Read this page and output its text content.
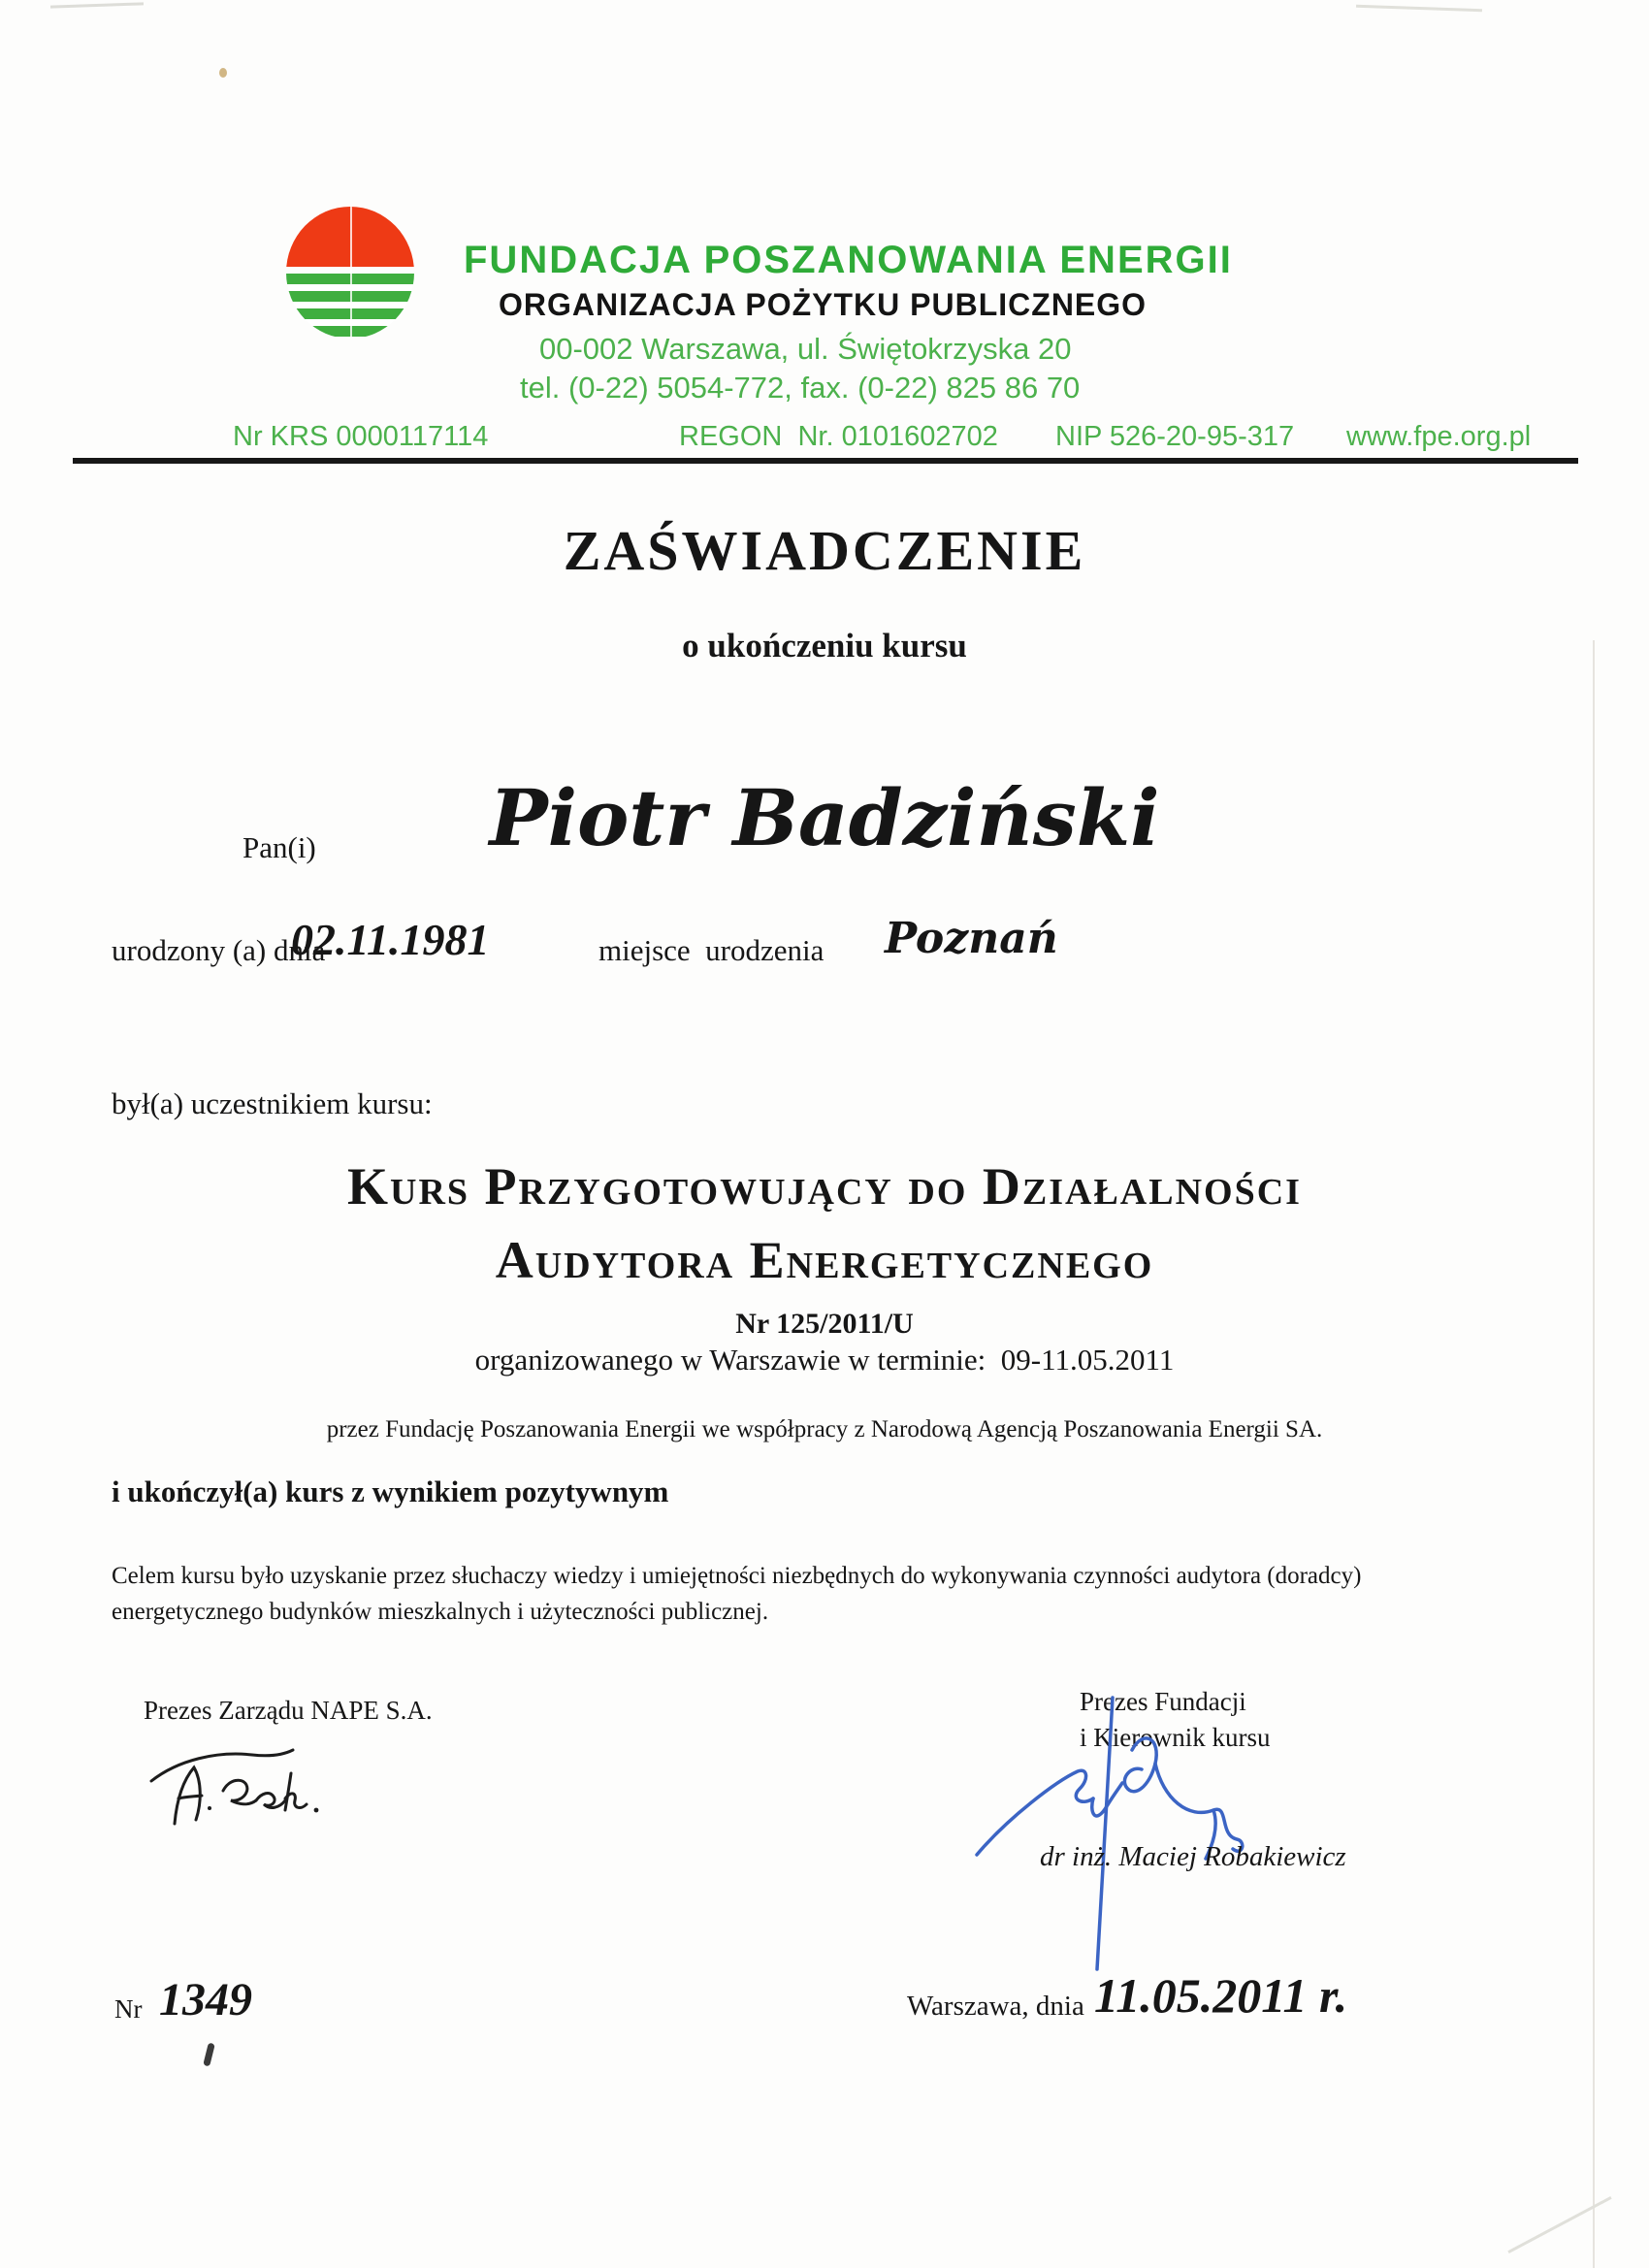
FUNDACJA POSZANOWANIA ENERGII
ORGANIZACJA POŻYTKU PUBLICZNEGO
00-002 Warszawa, ul. Świętokrzyska 20
tel. (0-22) 5054-772, fax. (0-22) 825 86 70
Nr KRS 0000117114	REGON  Nr. 0101602702 NIP 526-20-95-317 www.fpe.org.pl
ZAŚWIADCZENIE
o ukończeniu kursu
Pan(i)	Piotr Badziński
urodzony (a) dnia
02.11.1981	miejsce  urodzenia Poznań
był(a) uczestnikiem kursu:
Kurs Przygotowujący do Działalności
Audytora Energetycznego
Nr 125/2011/U
organizowanego w Warszawie w terminie:  09-11.05.2011
przez Fundację Poszanowania Energii we współpracy z Narodową Agencją Poszanowania Energii SA.
i ukończył(a) kurs z wynikiem pozytywnym
Celem kursu było uzyskanie przez słuchaczy wiedzy i umiejętności niezbędnych do wykonywania czynności audytora (doradcy)
energetycznego budynków mieszkalnych i użyteczności publicznej.
Prezes Zarządu NAPE S.A.	Prezes Fundacji
i Kierownik kursu
dr inż. Maciej Robakiewicz
Nr 1349	Warszawa, dnia 11.05.2011 r.
